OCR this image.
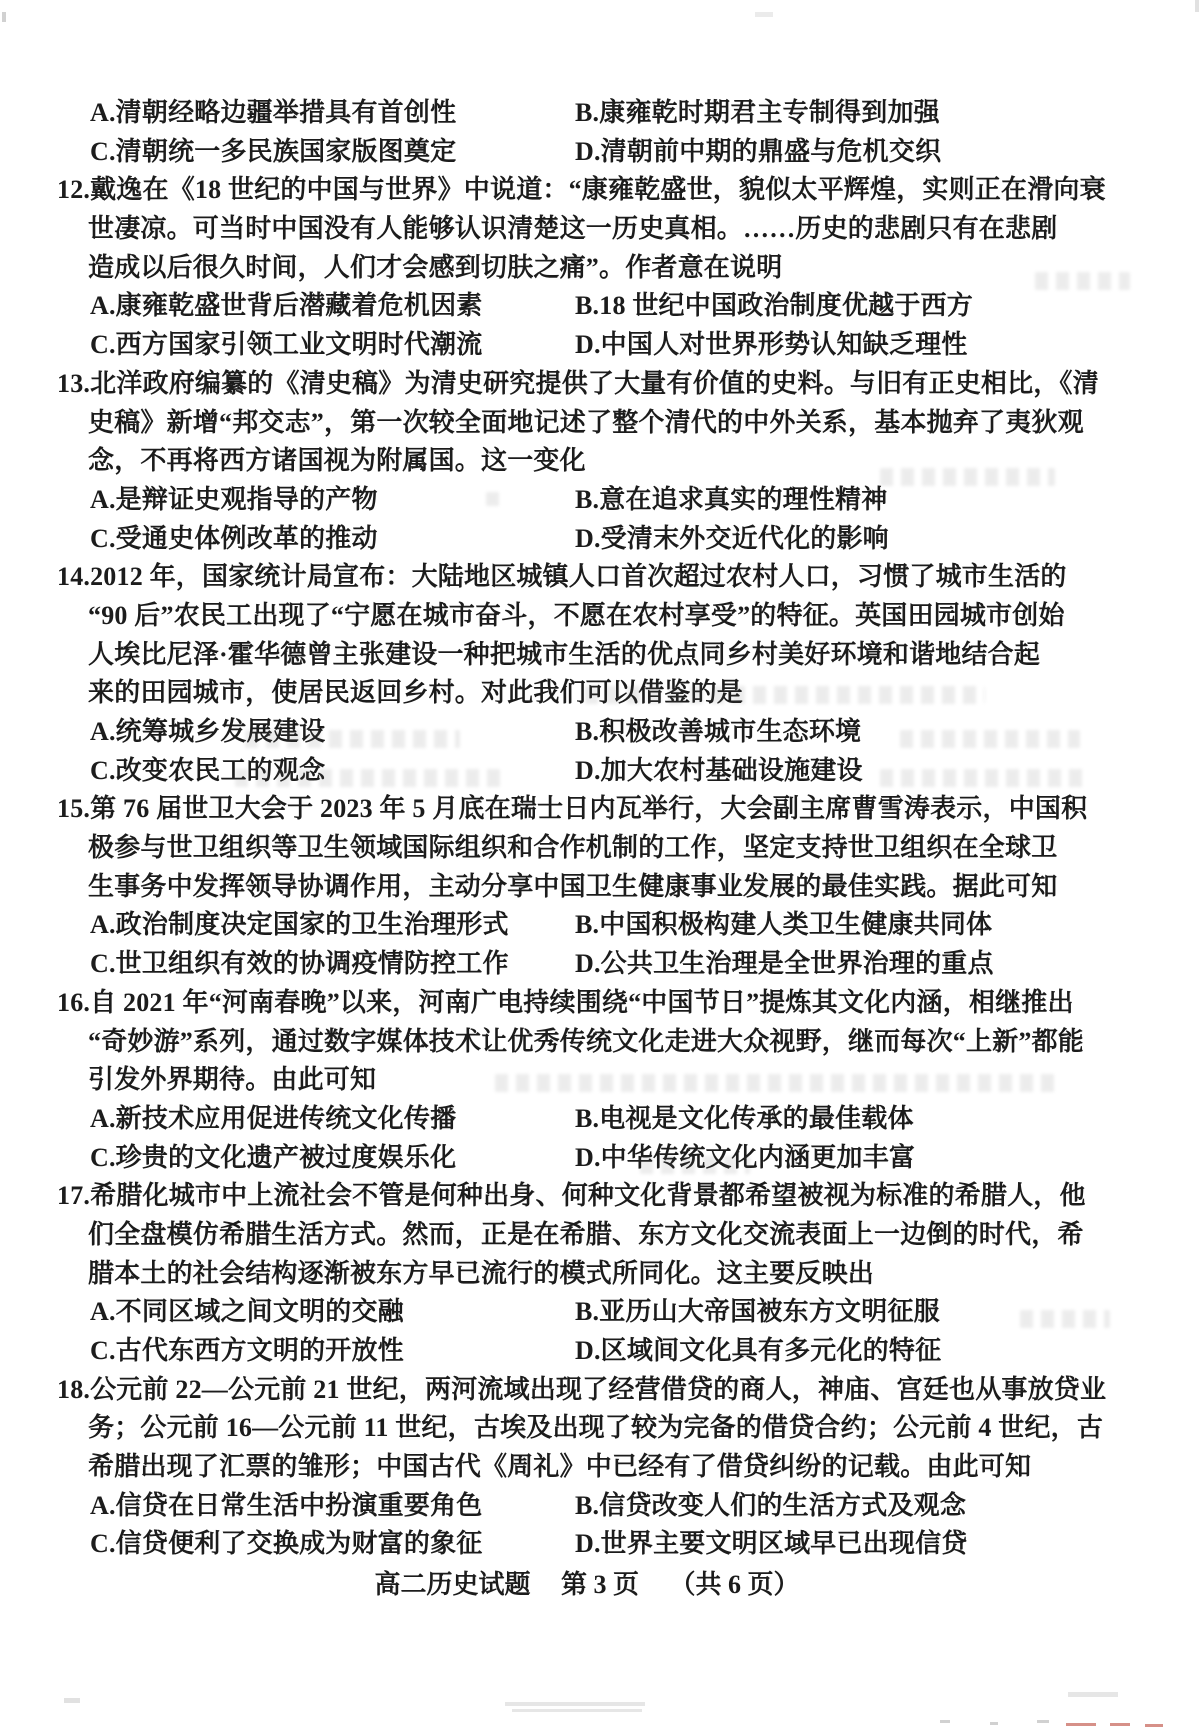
A.清朝经略边疆举措具有首创性	B.康雍乾时期君主专制得到加强
C.清朝统一多民族国家版图奠定	D.清朝前中期的鼎盛与危机交织
12.戴逸在《18 世纪的中国与世界》中说道：“康雍乾盛世，貌似太平辉煌，实则正在滑向衰
世凄凉。可当时中国没有人能够认识清楚这一历史真相。……历史的悲剧只有在悲剧
造成以后很久时间，人们才会感到切肤之痛”。作者意在说明
A.康雍乾盛世背后潜藏着危机因素	B.18 世纪中国政治制度优越于西方
C.西方国家引领工业文明时代潮流	D.中国人对世界形势认知缺乏理性
13.北洋政府编纂的《清史稿》为清史研究提供了大量有价值的史料。与旧有正史相比，《清
史稿》新增“邦交志”，第一次较全面地记述了整个清代的中外关系，基本抛弃了夷狄观
念，不再将西方诸国视为附属国。这一变化
A.是辩证史观指导的产物	B.意在追求真实的理性精神
C.受通史体例改革的推动	D.受清末外交近代化的影响
14.2012 年，国家统计局宣布：大陆地区城镇人口首次超过农村人口，习惯了城市生活的
“90 后”农民工出现了“宁愿在城市奋斗，不愿在农村享受”的特征。英国田园城市创始
人埃比尼泽·霍华德曾主张建设一种把城市生活的优点同乡村美好环境和谐地结合起
来的田园城市，使居民返回乡村。对此我们可以借鉴的是
A.统筹城乡发展建设	B.积极改善城市生态环境
C.改变农民工的观念	D.加大农村基础设施建设
15.第 76 届世卫大会于 2023 年 5 月底在瑞士日内瓦举行，大会副主席曹雪涛表示，中国积
极参与世卫组织等卫生领域国际组织和合作机制的工作，坚定支持世卫组织在全球卫
生事务中发挥领导协调作用，主动分享中国卫生健康事业发展的最佳实践。据此可知
A.政治制度决定国家的卫生治理形式	B.中国积极构建人类卫生健康共同体
C.世卫组织有效的协调疫情防控工作	D.公共卫生治理是全世界治理的重点
16.自 2021 年“河南春晚”以来，河南广电持续围绕“中国节日”提炼其文化内涵，相继推出
“奇妙游”系列，通过数字媒体技术让优秀传统文化走进大众视野，继而每次“上新”都能
引发外界期待。由此可知
A.新技术应用促进传统文化传播	B.电视是文化传承的最佳载体
C.珍贵的文化遗产被过度娱乐化	D.中华传统文化内涵更加丰富
17.希腊化城市中上流社会不管是何种出身、何种文化背景都希望被视为标准的希腊人，他
们全盘模仿希腊生活方式。然而，正是在希腊、东方文化交流表面上一边倒的时代，希
腊本土的社会结构逐渐被东方早已流行的模式所同化。这主要反映出
A.不同区域之间文明的交融	B.亚历山大帝国被东方文明征服
C.古代东西方文明的开放性	D.区域间文化具有多元化的特征
18.公元前 22—公元前 21 世纪，两河流域出现了经营借贷的商人，神庙、宫廷也从事放贷业
务；公元前 16—公元前 11 世纪，古埃及出现了较为完备的借贷合约；公元前 4 世纪，古
希腊出现了汇票的雏形；中国古代《周礼》中已经有了借贷纠纷的记载。由此可知
A.信贷在日常生活中扮演重要角色	B.信贷改变人们的生活方式及观念
C.信贷便利了交换成为财富的象征	D.世界主要文明区域早已出现信贷
高二历史试题 第 3 页 （共 6 页）
